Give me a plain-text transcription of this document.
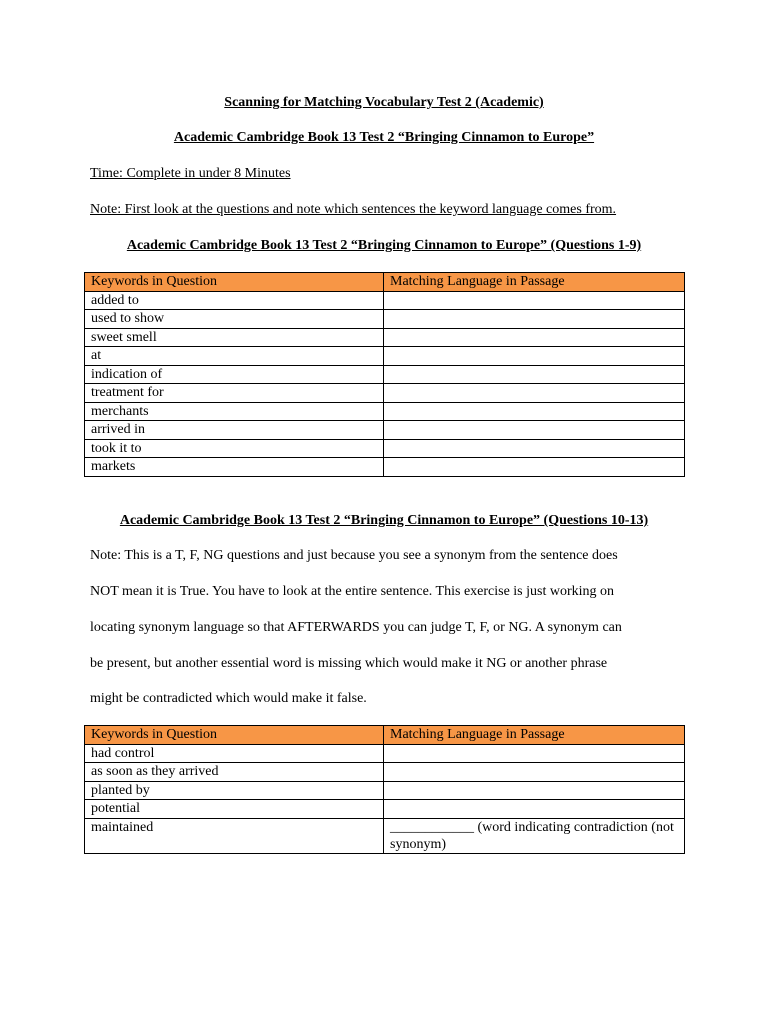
Scanning for Matching Vocabulary Test 2 (Academic)

Academic Cambridge Book 13 Test 2 “Bringing Cinnamon to Europe”

Time: Complete in under 8 Minutes

Note: First look at the questions and note which sentences the keyword language comes from.

Academic Cambridge Book 13 Test 2 “Bringing Cinnamon to Europe” (Questions 1-9)

Keywords in Question	Matching Language in Passage
added to	
used to show	
sweet smell	
at	
indication of	
treatment for	
merchants	
arrived in	
took it to	
markets	

Academic Cambridge Book 13 Test 2 “Bringing Cinnamon to Europe” (Questions 10-13)

Note: This is a T, F, NG questions and just because you see a synonym from the sentence does

NOT mean it is True. You have to look at the entire sentence. This exercise is just working on

locating synonym language so that AFTERWARDS you can judge T, F, or NG. A synonym can

be present, but another essential word is missing which would make it NG or another phrase

might be contradicted which would make it false.

Keywords in Question	Matching Language in Passage
had control	
as soon as they arrived	
planted by	
potential	
maintained	____________ (word indicating contradiction (not synonym)
